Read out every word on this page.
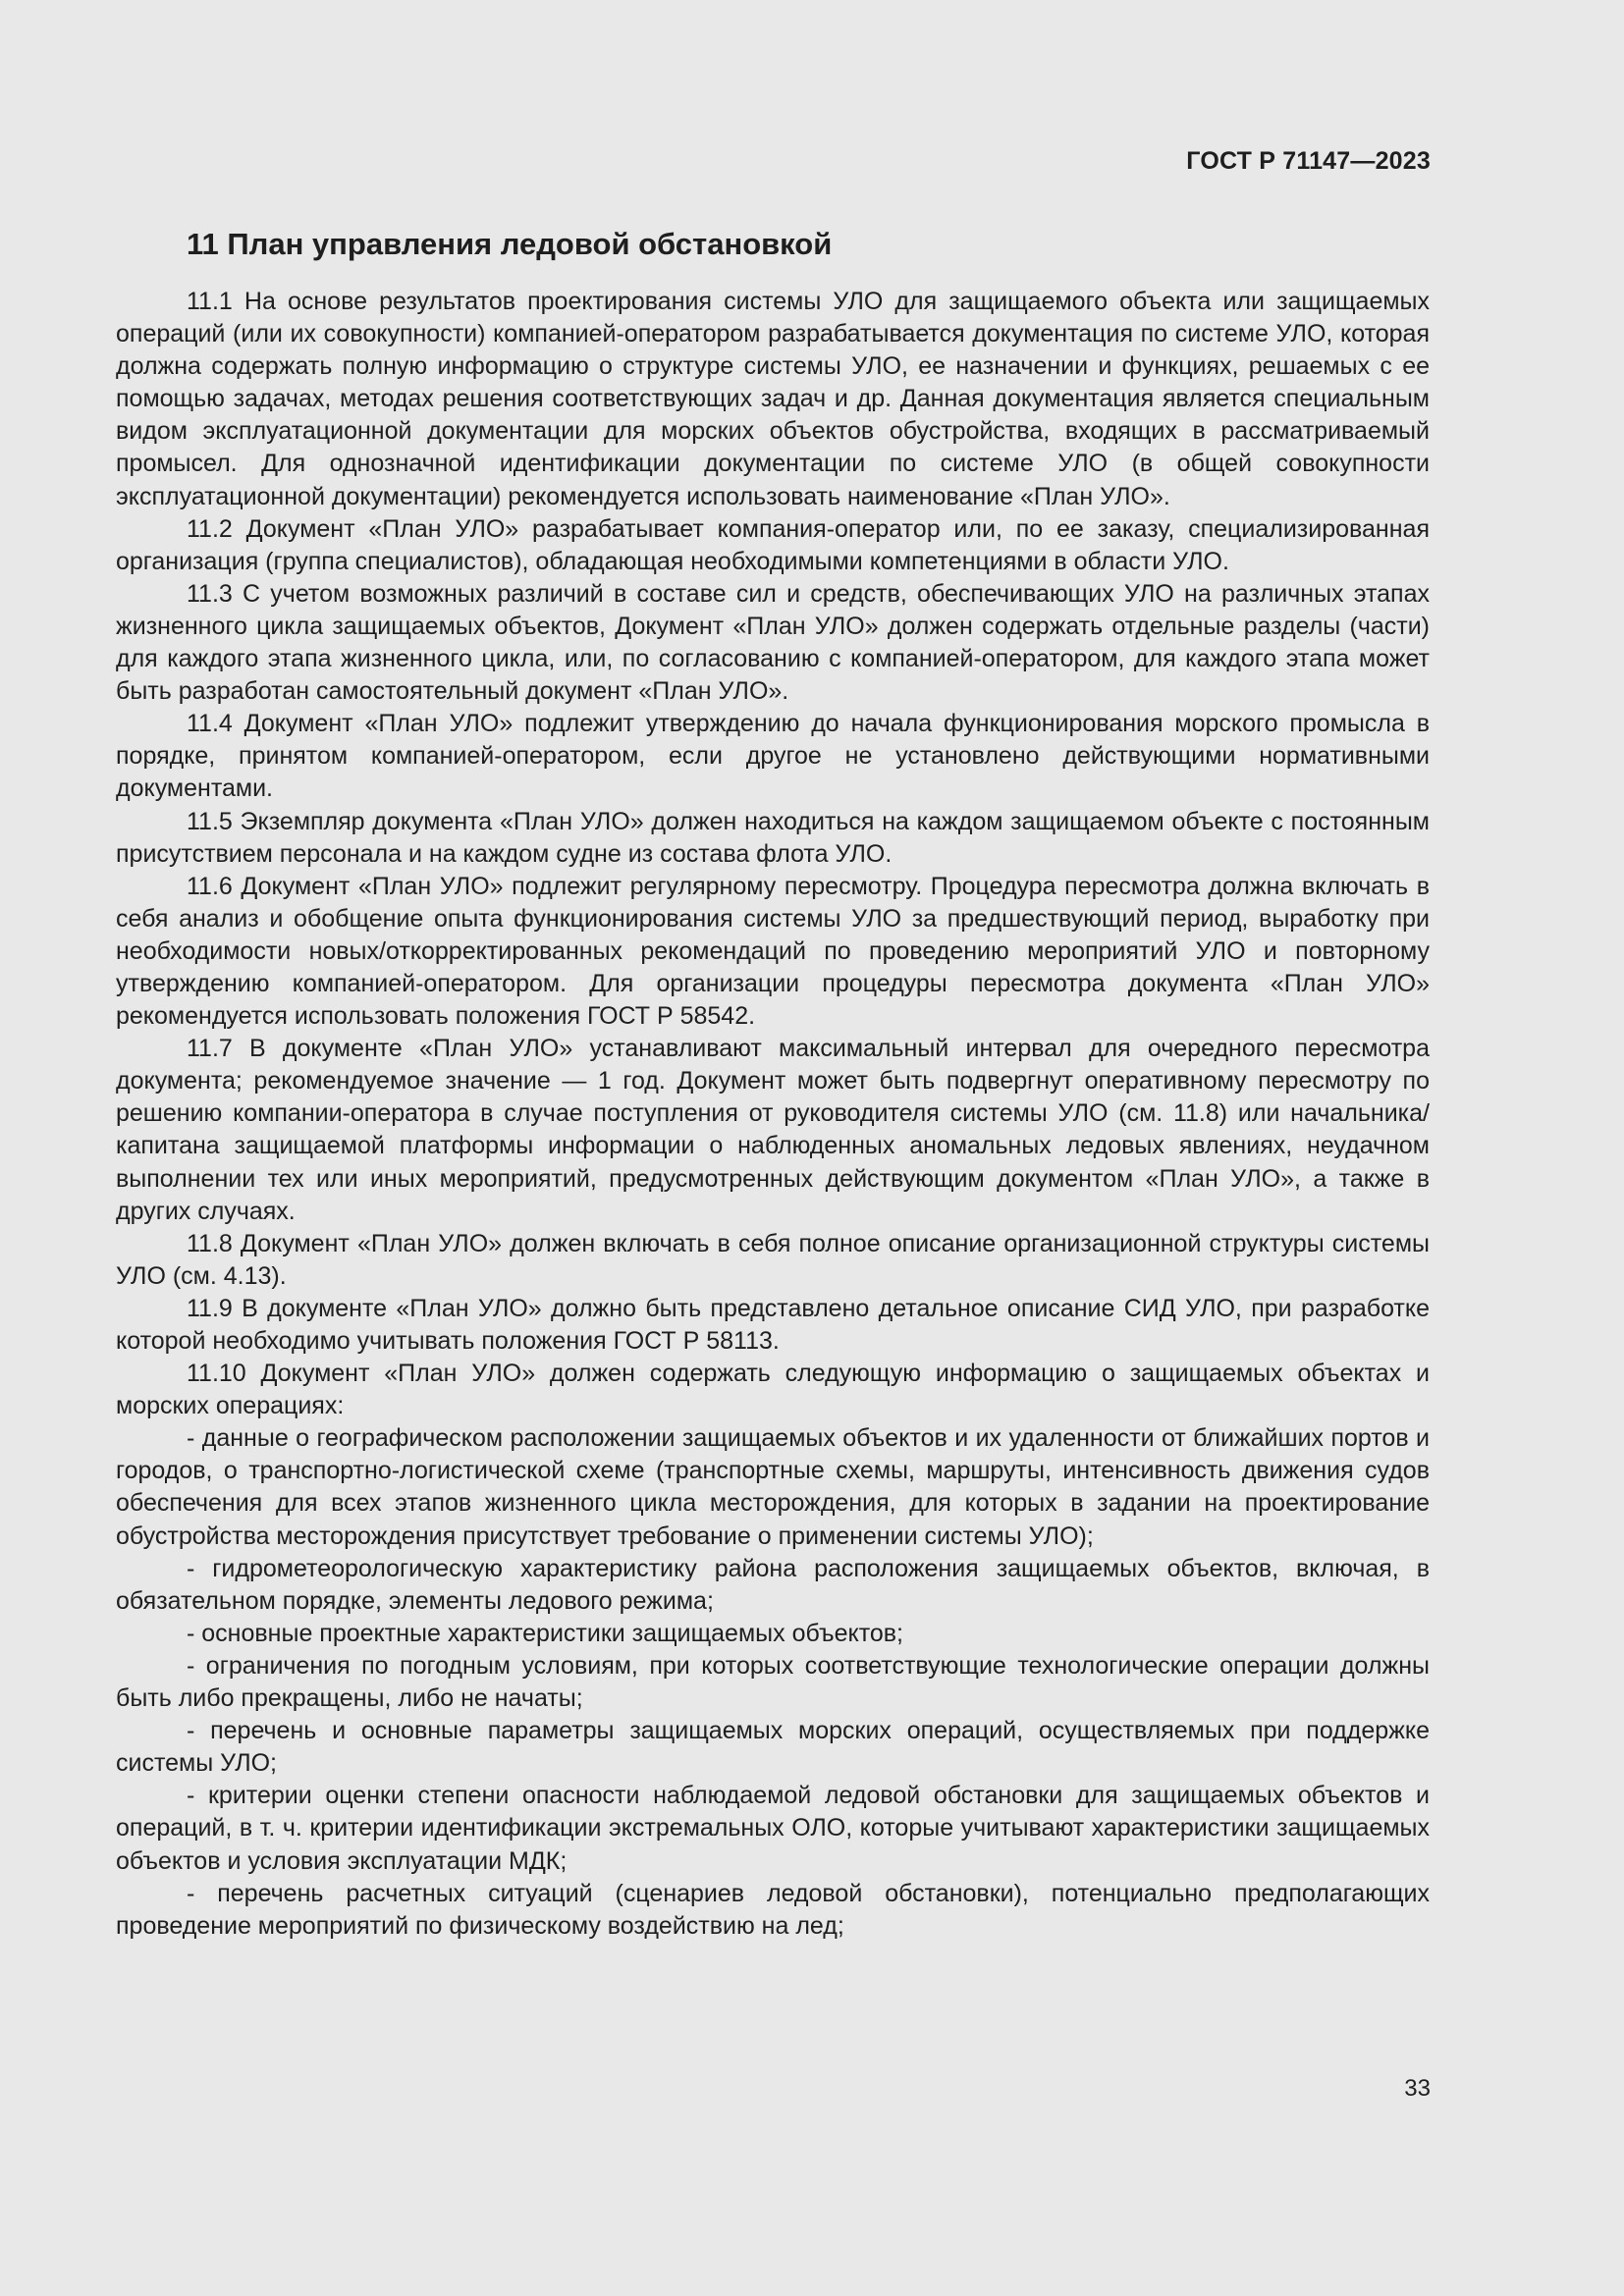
ГОСТ Р 71147—2023
11 План управления ледовой обстановкой

11.1 На основе результатов проектирования системы УЛО для защищаемого объекта или защищаемых операций (или их совокупности) компанией-оператором разрабатывается документация по системе УЛО, которая должна содержать полную информацию о структуре системы УЛО, ее назначении и функциях, решаемых с ее помощью задачах, методах решения соответствующих задач и др. Данная документация является специальным видом эксплуатационной документации для морских объектов обустройства, входящих в рассматриваемый промысел. Для однозначной идентификации документации по системе УЛО (в общей совокупности эксплуатационной документации) рекомендуется использовать наименование «План УЛО».

11.2 Документ «План УЛО» разрабатывает компания-оператор или, по ее заказу, специализированная организация (группа специалистов), обладающая необходимыми компетенциями в области УЛО.

11.3 С учетом возможных различий в составе сил и средств, обеспечивающих УЛО на различных этапах жизненного цикла защищаемых объектов, Документ «План УЛО» должен содержать отдельные разделы (части) для каждого этапа жизненного цикла, или, по согласованию с компанией-оператором, для каждого этапа может быть разработан самостоятельный документ «План УЛО».

11.4 Документ «План УЛО» подлежит утверждению до начала функционирования морского промысла в порядке, принятом компанией-оператором, если другое не установлено действующими нормативными документами.

11.5 Экземпляр документа «План УЛО» должен находиться на каждом защищаемом объекте с постоянным присутствием персонала и на каждом судне из состава флота УЛО.

11.6 Документ «План УЛО» подлежит регулярному пересмотру. Процедура пересмотра должна включать в себя анализ и обобщение опыта функционирования системы УЛО за предшествующий период, выработку при необходимости новых/откорректированных рекомендаций по проведению мероприятий УЛО и повторному утверждению компанией-оператором. Для организации процедуры пересмотра документа «План УЛО» рекомендуется использовать положения ГОСТ Р 58542.

11.7 В документе «План УЛО» устанавливают максимальный интервал для очередного пересмотра документа; рекомендуемое значение — 1 год. Документ может быть подвергнут оперативному пересмотру по решению компании-оператора в случае поступления от руководителя системы УЛО (см. 11.8) или начальника/капитана защищаемой платформы информации о наблюденных аномальных ледовых явлениях, неудачном выполнении тех или иных мероприятий, предусмотренных действующим документом «План УЛО», а также в других случаях.

11.8 Документ «План УЛО» должен включать в себя полное описание организационной структуры системы УЛО (см. 4.13).

11.9 В документе «План УЛО» должно быть представлено детальное описание СИД УЛО, при разработке которой необходимо учитывать положения ГОСТ Р 58113.

11.10 Документ «План УЛО» должен содержать следующую информацию о защищаемых объектах и морских операциях:

- данные о географическом расположении защищаемых объектов и их удаленности от ближайших портов и городов, о транспортно-логистической схеме (транспортные схемы, маршруты, интенсивность движения судов обеспечения для всех этапов жизненного цикла месторождения, для которых в задании на проектирование обустройства месторождения присутствует требование о применении системы УЛО);

- гидрометеорологическую характеристику района расположения защищаемых объектов, включая, в обязательном порядке, элементы ледового режима;

- основные проектные характеристики защищаемых объектов;

- ограничения по погодным условиям, при которых соответствующие технологические операции должны быть либо прекращены, либо не начаты;

- перечень и основные параметры защищаемых морских операций, осуществляемых при поддержке системы УЛО;

- критерии оценки степени опасности наблюдаемой ледовой обстановки для защищаемых объектов и операций, в т. ч. критерии идентификации экстремальных ОЛО, которые учитывают характеристики защищаемых объектов и условия эксплуатации МДК;

- перечень расчетных ситуаций (сценариев ледовой обстановки), потенциально предполагающих проведение мероприятий по физическому воздействию на лед;

33
